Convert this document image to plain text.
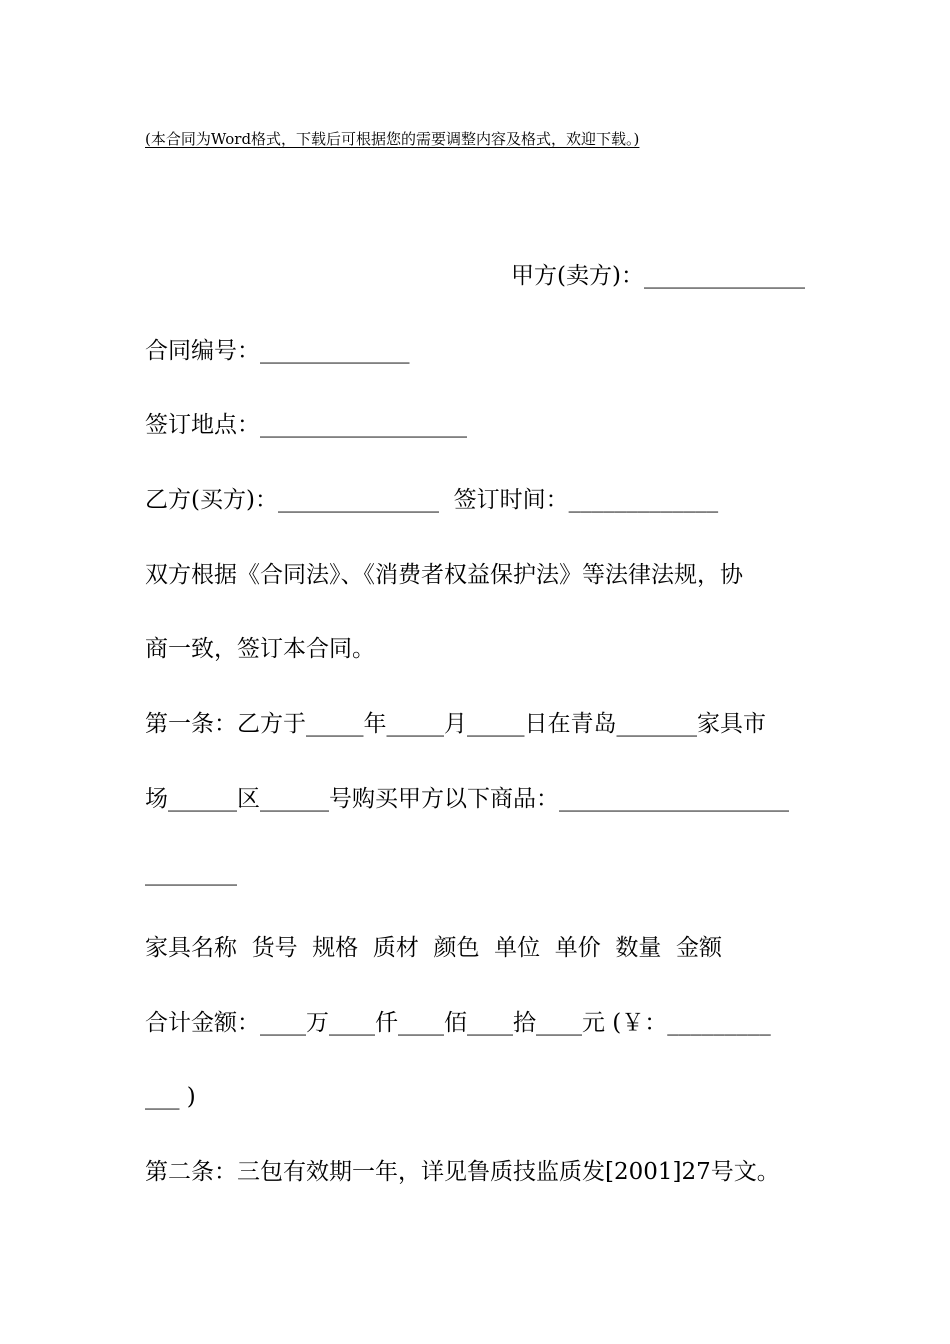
(本合同为Word格式，下载后可根据您的需要调整内容及格式，欢迎下载。)
甲方(卖方)：______________
合同编号：_____________
签订地点：__________________
乙方(买方)：______________  签订时间：_____________
双方根据《合同法》、《消费者权益保护法》等法律法规，协
商一致，签订本合同。
第一条：乙方于_____年_____月_____日在青岛_______家具市
场______区______号购买甲方以下商品：____________________
________
家具名称  货号  规格  质材  颜色  单位  单价  数量  金额
合计金额：____万____仟____佰____拾____元 (￥：_________
___ )
第二条：三包有效期一年，详见鲁质技监质发[2001]27号文。
